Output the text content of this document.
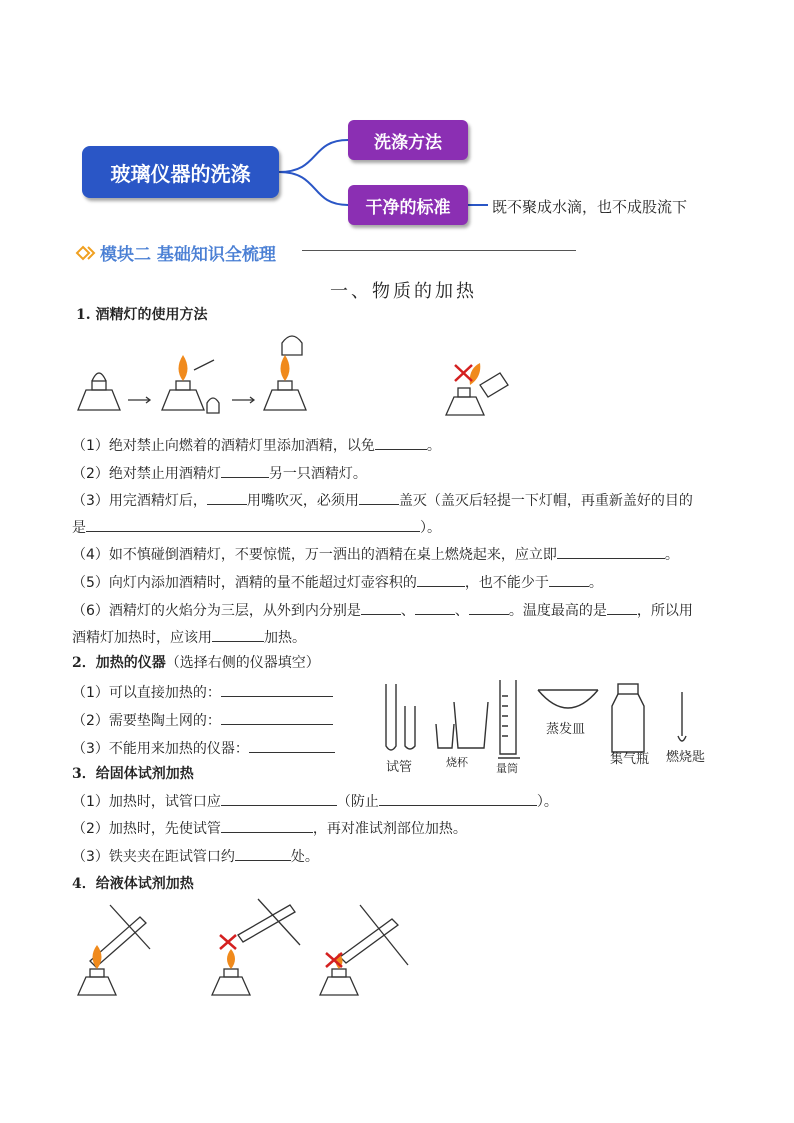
玻璃仪器的洗涤
洗涤方法
干净的标准	既不聚成水滴，也不成股流下
模块二 基础知识全梳理
一、物质的加热
1. 酒精灯的使用方法
（1）绝对禁止向燃着的酒精灯里添加酒精，以免	。
（2）绝对禁止用酒精灯	另一只酒精灯。
（3）用完酒精灯后，	用嘴吹灭，必须用	盖灭（盖灭后轻提一下灯帽，再重新盖好的目的
是	）。
（4）如不慎碰倒酒精灯，不要惊慌，万一洒出的酒精在桌上燃烧起来，应立即	。
（5）向灯内添加酒精时，酒精的量不能超过灯壶容积的	，也不能少于	。
（6）酒精灯的火焰分为三层，从外到内分别是	、	、	。温度最高的是 ，所以用
酒精灯加热时，应该用	加热。
2．加热的仪器（选择右侧的仪器填空）
（1）可以直接加热的：
（2）需要垫陶土网的：
（3）不能用来加热的仪器：
试管	烧杯	量筒
蒸发皿
集气瓶 燃烧匙
3．给固体试剂加热
（1）加热时，试管口应	（防止	）。
（2）加热时，先使试管	，再对准试剂部位加热。
（3）铁夹夹在距试管口约	处。
4．给液体试剂加热
